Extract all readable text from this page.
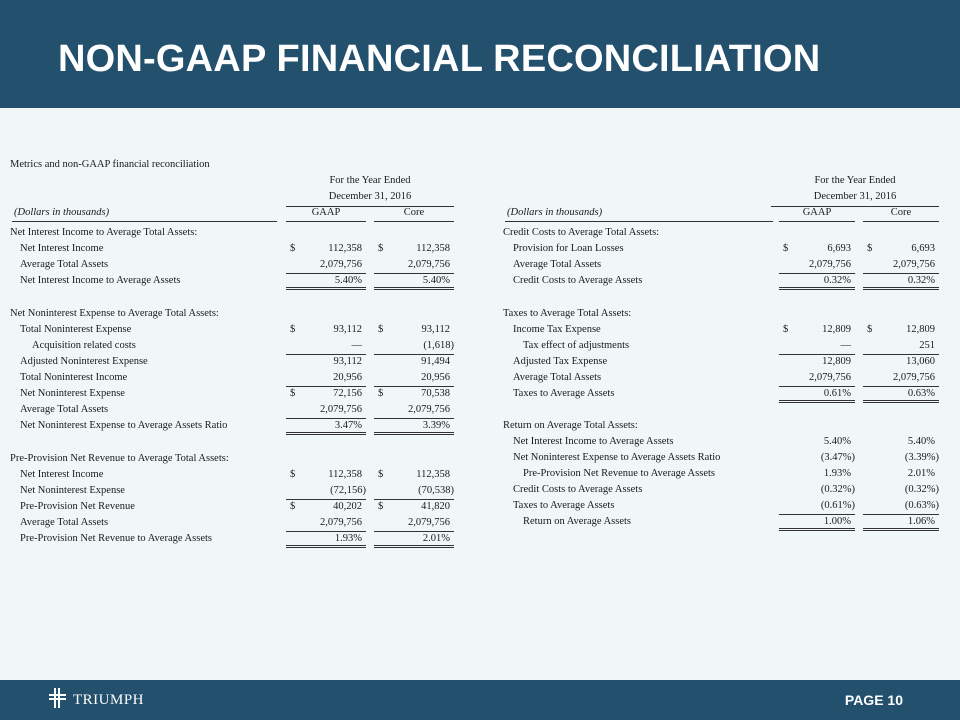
NON-GAAP FINANCIAL RECONCILIATION
Metrics and non-GAAP financial reconciliation
For the Year Ended
December 31, 2016
(Dollars in thousands)	GAAP	Core
Net Interest Income to Average Total Assets:
Net Interest Income	$	112,358 $	112,358
Average Total Assets	2,079,756	2,079,756
Net Interest Income to Average Assets	5.40%	5.40%
Net Noninterest Expense to Average Total Assets:
Total Noninterest Expense	$	93,112 $	93,112
Acquisition related costs	—	(1,618)
Adjusted Noninterest Expense	93,112	91,494
Total Noninterest Income	20,956	20,956
Net Noninterest Expense	$	72,156 $	70,538
Average Total Assets	2,079,756	2,079,756
Net Noninterest Expense to Average Assets Ratio	3.47%	3.39%
Pre-Provision Net Revenue to Average Total Assets:
Net Interest Income	$	112,358 $	112,358
Net Noninterest Expense	(72,156)	(70,538)
Pre-Provision Net Revenue	$	40,202 $	41,820
Average Total Assets	2,079,756	2,079,756
Pre-Provision Net Revenue to Average Assets	1.93%	2.01%
For the Year Ended
December 31, 2016
(Dollars in thousands)	GAAP	Core
Credit Costs to Average Total Assets:
Provision for Loan Losses	$	6,693 $	6,693
Average Total Assets	2,079,756	2,079,756
Credit Costs to Average Assets	0.32%	0.32%
Taxes to Average Total Assets:
Income Tax Expense	$	12,809 $	12,809
Tax effect of adjustments	—	251
Adjusted Tax Expense	12,809	13,060
Average Total Assets	2,079,756	2,079,756
Taxes to Average Assets	0.61%	0.63%
Return on Average Total Assets:
Net Interest Income to Average Assets	5.40%	5.40%
Net Noninterest Expense to Average Assets Ratio	(3.47%)	(3.39%)
Pre-Provision Net Revenue to Average Assets	1.93%	2.01%
Credit Costs to Average Assets	(0.32%)	(0.32%)
Taxes to Average Assets	(0.61%)	(0.63%)
Return on Average Assets	1.00%	1.06%
TRIUMPH	PAGE 10
